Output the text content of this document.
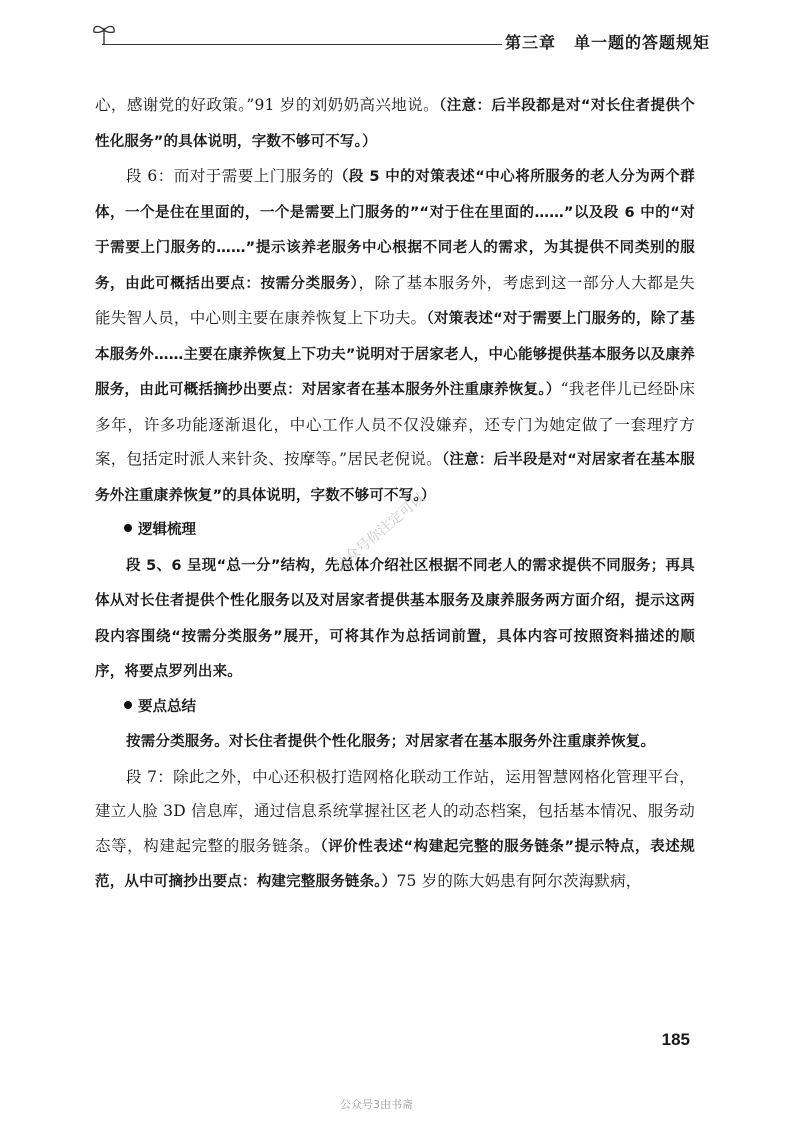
第三章 单一题的答题规矩

心，感谢党的好政策。”91 岁的刘奶奶高兴地说。（注意：后半段都是对“对长住者提供个性化服务”的具体说明，字数不够可不写。）

段 6：而对于需要上门服务的（段 5 中的对策表述“中心将所服务的老人分为两个群体，一个是住在里面的，一个是需要上门服务的”“对于住在里面的……”以及段 6 中的“对于需要上门服务的……”提示该养老服务中心根据不同老人的需求，为其提供不同类别的服务，由此可概括出要点：按需分类服务），除了基本服务外，考虑到这一部分人大都是失能失智人员，中心则主要在康养恢复上下功夫。（对策表述“对于需要上门服务的，除了基本服务外……主要在康养恢复上下功夫”说明对于居家老人，中心能够提供基本服务以及康养服务，由此可概括摘抄出要点：对居家者在基本服务外注重康养恢复。）“我老伴儿已经卧床多年，许多功能逐渐退化，中心工作人员不仅没嫌弃，还专门为她定做了一套理疗方案，包括定时派人来针灸、按摩等。”居民老倪说。（注意：后半段是对“对居家者在基本服务外注重康养恢复”的具体说明，字数不够可不写。）

逻辑梳理

段 5、6 呈现“总一分”结构，先总体介绍社区根据不同老人的需求提供不同服务；再具体从对长住者提供个性化服务以及对居家者提供基本服务及康养服务两方面介绍，提示这两段内容围绕“按需分类服务”展开，可将其作为总括词前置，具体内容可按照资料描述的顺序，将要点罗列出来。

要点总结

按需分类服务。对长住者提供个性化服务；对居家者在基本服务外注重康养恢复。

段 7：除此之外，中心还积极打造网格化联动工作站，运用智慧网格化管理平台，建立人脸 3D 信息库，通过信息系统掌握社区老人的动态档案，包括基本情况、服务动态等，构建起完整的服务链条。（评价性表述“构建起完整的服务链条”提示特点，表述规范，从中可摘抄出要点：构建完整服务链条。）75 岁的陈大妈患有阿尔茨海默病，

公众号你注定可以
185
公众号3由书斋
